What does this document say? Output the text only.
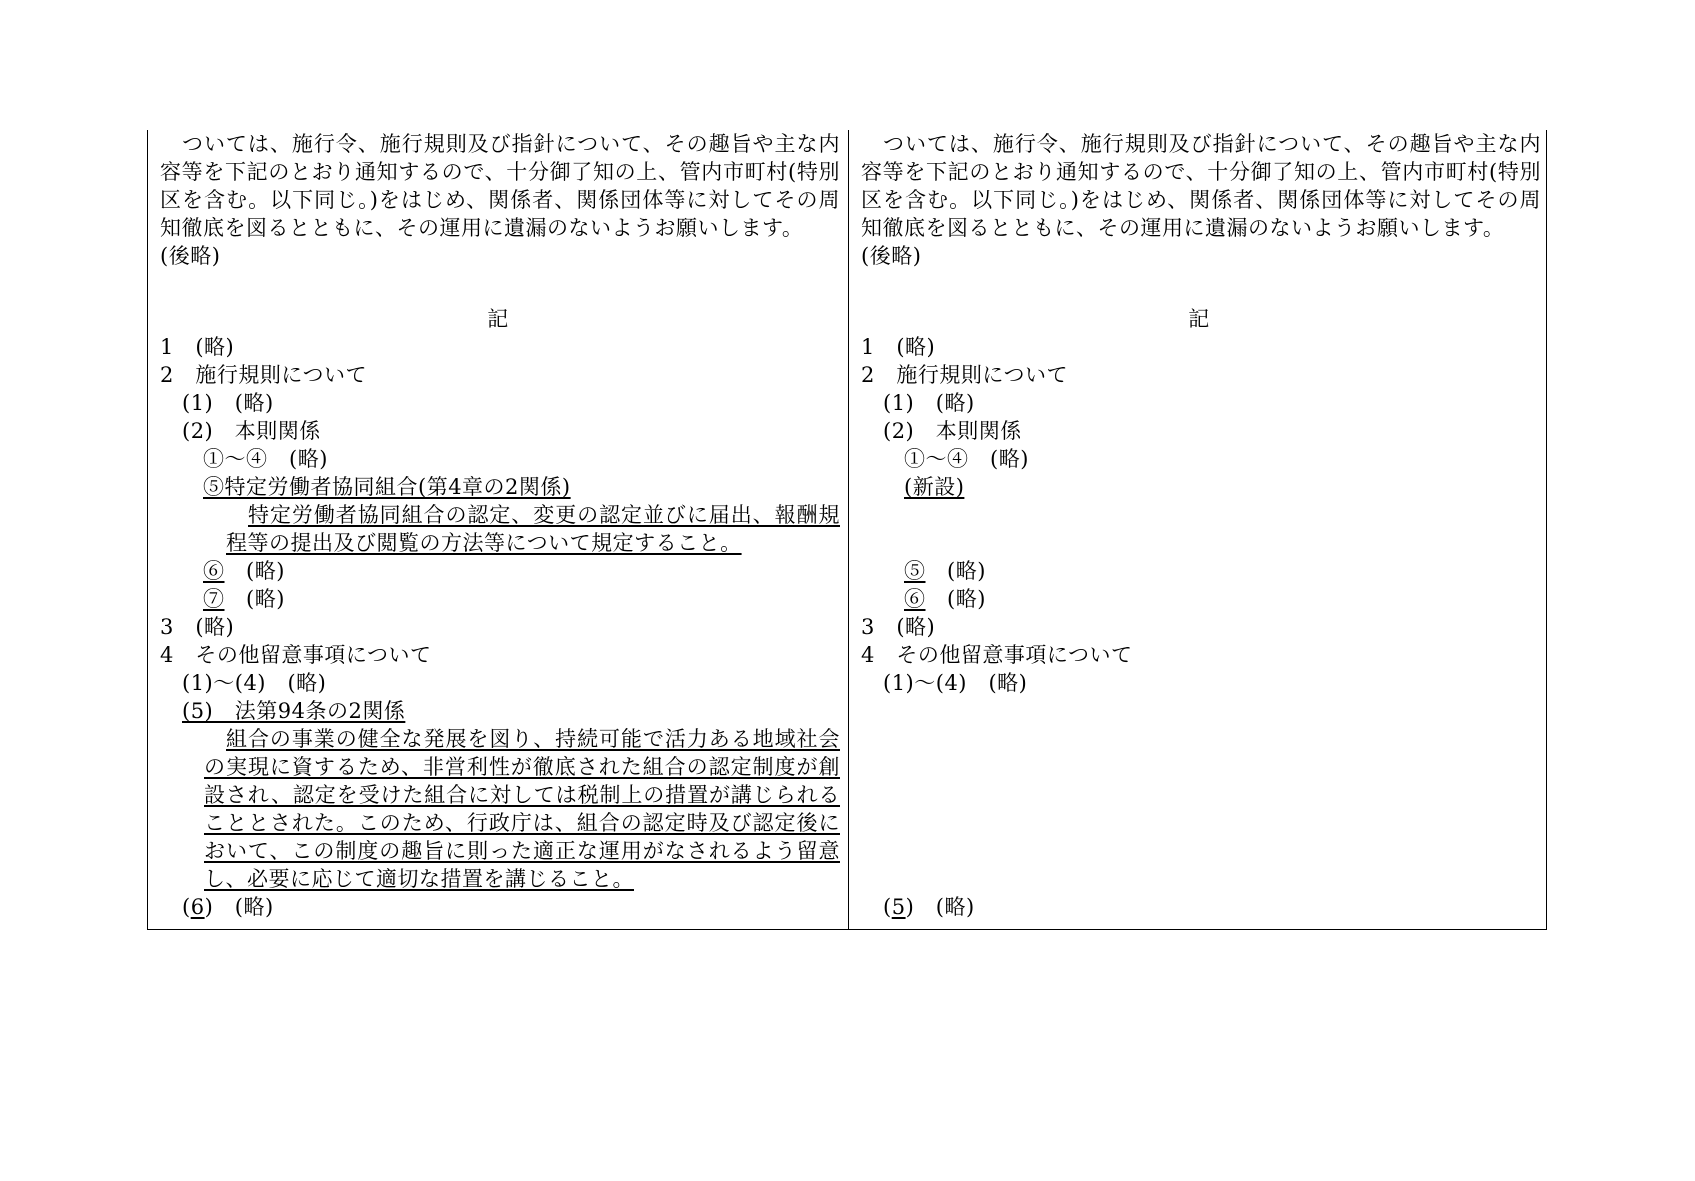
　ついては、施行令、施行規則及び指針について、その趣旨や主な内
容等を下記のとおり通知するので、十分御了知の上、管内市町村(特別
区を含む。以下同じ。)をはじめ、関係者、関係団体等に対してその周
知徹底を図るとともに、その運用に遺漏のないようお願いします。
(後略)
記
1　(略)
2　施行規則について
(1)　(略)
(2)　本則関係
①～④　(略)
⑤特定労働者協同組合(第4章の2関係)
特定労働者協同組合の認定、変更の認定並びに届出、報酬規
程等の提出及び閲覧の方法等について規定すること。
⑥　 (略)
⑦　 (略)
3　(略)
4　その他留意事項について
(1)～(4)　(略)
(5)　法第94条の2関係
組合の事業の健全な発展を図り、持続可能で活力ある地域社会
の実現に資するため、非営利性が徹底された組合の認定制度が創
設され、認定を受けた組合に対しては税制上の措置が講じられる
こととされた。このため、行政庁は、組合の認定時及び認定後に
おいて、この制度の趣旨に則った適正な運用がなされるよう留意
し、必要に応じて適切な措置を講じること。
(6)　(略)
　ついては、施行令、施行規則及び指針について、その趣旨や主な内
容等を下記のとおり通知するので、十分御了知の上、管内市町村(特別
区を含む。以下同じ。)をはじめ、関係者、関係団体等に対してその周
知徹底を図るとともに、その運用に遺漏のないようお願いします。
(後略)
記
1　(略)
2　施行規則について
(1)　(略)
(2)　本則関係
①～④　(略)
(新設)
⑤　 (略)
⑥　 (略)
3　(略)
4　その他留意事項について
(1)～(4)　(略)
(5)　(略)
